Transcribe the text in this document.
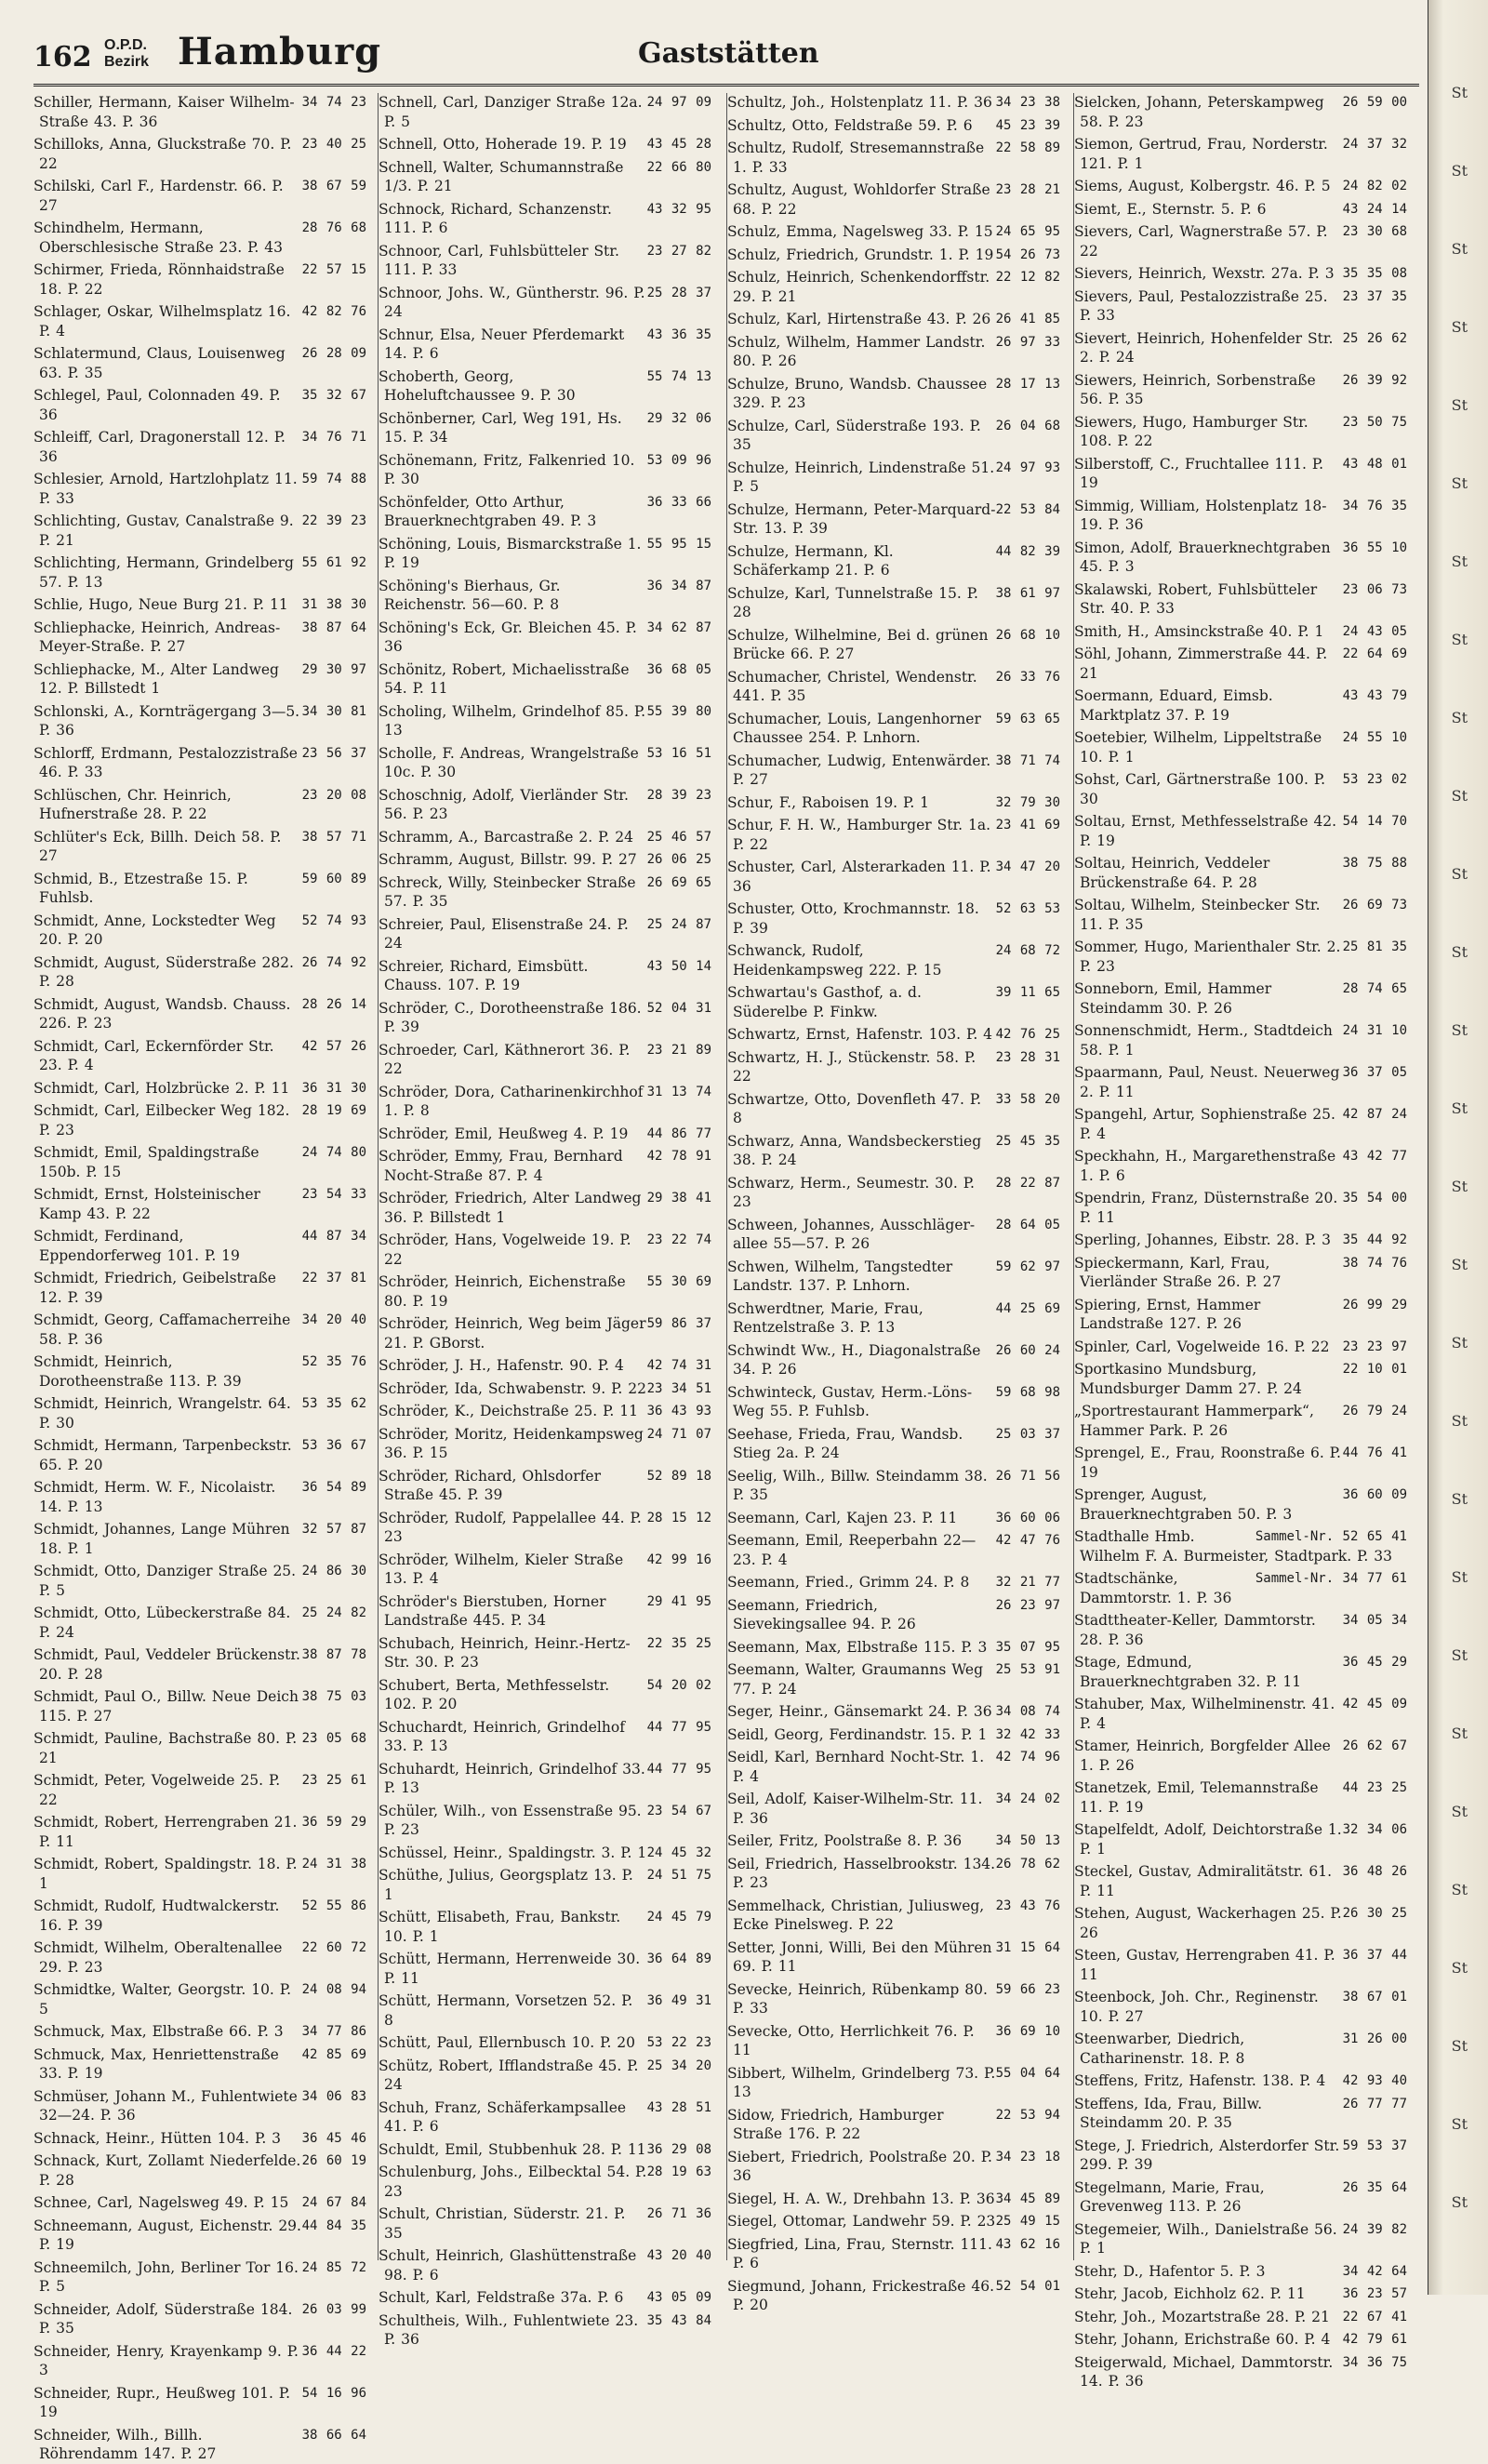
162 O.P.D.
Bezirk Hamburg	Gaststätten
34 74 23
Schiller, Hermann, Kaiser Wilhelm-Straße 43. P. 36
23 40 25
Schilloks, Anna, Gluckstraße 70. P. 22
38 67 59
Schilski, Carl F., Hardenstr. 66. P. 27
28 76 68
Schindhelm, Hermann, Oberschlesische Straße 23. P. 43
22 57 15
Schirmer, Frieda, Rönnhaidstraße 18. P. 22
42 82 76
Schlager, Oskar, Wilhelmsplatz 16. P. 4
26 28 09
Schlatermund, Claus, Louisenweg 63. P. 35
35 32 67
Schlegel, Paul, Colonnaden 49. P. 36
34 76 71
Schleiff, Carl, Dragonerstall 12. P. 36
59 74 88
Schlesier, Arnold, Hartzlohplatz 11. P. 33
22 39 23
Schlichting, Gustav, Canalstraße 9. P. 21
55 61 92
Schlichting, Hermann, Grindelberg 57. P. 13
31 38 30
Schlie, Hugo, Neue Burg 21. P. 11
38 87 64
Schliephacke, Heinrich, Andreas-Meyer-Straße. P. 27
29 30 97
Schliephacke, M., Alter Landweg 12. P. Billstedt 1
34 30 81
Schlonski, A., Kornträgergang 3—5. P. 36
23 56 37
Schlorff, Erdmann, Pestalozzistraße 46. P. 33
23 20 08
Schlüschen, Chr. Heinrich, Hufnerstraße 28. P. 22
38 57 71
Schlüter's Eck, Billh. Deich 58. P. 27
59 60 89
Schmid, B., Etzestraße 15. P. Fuhlsb.
52 74 93
Schmidt, Anne, Lockstedter Weg 20. P. 20
26 74 92
Schmidt, August, Süderstraße 282. P. 28
28 26 14
Schmidt, August, Wandsb. Chauss. 226. P. 23
42 57 26
Schmidt, Carl, Eckernförder Str. 23. P. 4
36 31 30
Schmidt, Carl, Holzbrücke 2. P. 11
28 19 69
Schmidt, Carl, Eilbecker Weg 182. P. 23
24 74 80
Schmidt, Emil, Spaldingstraße 150b. P. 15
23 54 33
Schmidt, Ernst, Holsteinischer Kamp 43. P. 22
44 87 34
Schmidt, Ferdinand, Eppendorferweg 101. P. 19
22 37 81
Schmidt, Friedrich, Geibelstraße 12. P. 39
34 20 40
Schmidt, Georg, Caffamacherreihe 58. P. 36
52 35 76
Schmidt, Heinrich, Dorotheenstraße 113. P. 39
53 35 62
Schmidt, Heinrich, Wrangelstr. 64. P. 30
53 36 67
Schmidt, Hermann, Tarpenbeckstr. 65. P. 20
36 54 89
Schmidt, Herm. W. F., Nicolaistr. 14. P. 13
32 57 87
Schmidt, Johannes, Lange Mühren 18. P. 1
24 86 30
Schmidt, Otto, Danziger Straße 25. P. 5
25 24 82
Schmidt, Otto, Lübeckerstraße 84. P. 24
38 87 78
Schmidt, Paul, Veddeler Brückenstr. 20. P. 28
38 75 03
Schmidt, Paul O., Billw. Neue Deich 115. P. 27
23 05 68
Schmidt, Pauline, Bachstraße 80. P. 21
23 25 61
Schmidt, Peter, Vogelweide 25. P. 22
36 59 29
Schmidt, Robert, Herrengraben 21. P. 11
24 31 38
Schmidt, Robert, Spaldingstr. 18. P. 1
52 55 86
Schmidt, Rudolf, Hudtwalckerstr. 16. P. 39
22 60 72
Schmidt, Wilhelm, Oberaltenallee 29. P. 23
24 08 94
Schmidtke, Walter, Georgstr. 10. P. 5
34 77 86
Schmuck, Max, Elbstraße 66. P. 3
42 85 69
Schmuck, Max, Henriettenstraße 33. P. 19
34 06 83
Schmüser, Johann M., Fuhlentwiete 32—24. P. 36
36 45 46
Schnack, Heinr., Hütten 104. P. 3
26 60 19
Schnack, Kurt, Zollamt Niederfelde. P. 28
24 67 84
Schnee, Carl, Nagelsweg 49. P. 15
44 84 35
Schneemann, August, Eichenstr. 29. P. 19
24 85 72
Schneemilch, John, Berliner Tor 16. P. 5
26 03 99
Schneider, Adolf, Süderstraße 184. P. 35
36 44 22
Schneider, Henry, Krayenkamp 9. P. 3
54 16 96
Schneider, Rupr., Heußweg 101. P. 19
38 66 64
Schneider, Wilh., Billh. Röhrendamm 147. P. 27
24 97 09
Schnell, Carl, Danziger Straße 12a. P. 5
43 45 28
Schnell, Otto, Hoherade 19. P. 19
22 66 80
Schnell, Walter, Schumannstraße 1/3. P. 21
43 32 95
Schnock, Richard, Schanzenstr. 111. P. 6
23 27 82
Schnoor, Carl, Fuhlsbütteler Str. 111. P. 33
25 28 37
Schnoor, Johs. W., Güntherstr. 96. P. 24
43 36 35
Schnur, Elsa, Neuer Pferdemarkt 14. P. 6
55 74 13
Schoberth, Georg, Hoheluftchaussee 9. P. 30
29 32 06
Schönberner, Carl, Weg 191, Hs. 15. P. 34
53 09 96
Schönemann, Fritz, Falkenried 10. P. 30
36 33 66
Schönfelder, Otto Arthur, Brauerknechtgraben 49. P. 3
55 95 15
Schöning, Louis, Bismarckstraße 1. P. 19
36 34 87
Schöning's Bierhaus, Gr. Reichenstr. 56—60. P. 8
34 62 87
Schöning's Eck, Gr. Bleichen 45. P. 36
36 68 05
Schönitz, Robert, Michaelisstraße 54. P. 11
55 39 80
Scholing, Wilhelm, Grindelhof 85. P. 13
53 16 51
Scholle, F. Andreas, Wrangelstraße 10c. P. 30
28 39 23
Schoschnig, Adolf, Vierländer Str. 56. P. 23
25 46 57
Schramm, A., Barcastraße 2. P. 24
26 06 25
Schramm, August, Billstr. 99. P. 27
26 69 65
Schreck, Willy, Steinbecker Straße 57. P. 35
25 24 87
Schreier, Paul, Elisenstraße 24. P. 24
43 50 14
Schreier, Richard, Eimsbütt. Chauss. 107. P. 19
52 04 31
Schröder, C., Dorotheenstraße 186. P. 39
23 21 89
Schroeder, Carl, Käthnerort 36. P. 22
31 13 74
Schröder, Dora, Catharinenkirchhof 1. P. 8
44 86 77
Schröder, Emil, Heußweg 4. P. 19
42 78 91
Schröder, Emmy, Frau, Bernhard Nocht-Straße 87. P. 4
29 38 41
Schröder, Friedrich, Alter Landweg 36. P. Billstedt 1
23 22 74
Schröder, Hans, Vogelweide 19. P. 22
55 30 69
Schröder, Heinrich, Eichenstraße 80. P. 19
59 86 37
Schröder, Heinrich, Weg beim Jäger 21. P. GBorst.
42 74 31
Schröder, J. H., Hafenstr. 90. P. 4
23 34 51
Schröder, Ida, Schwabenstr. 9. P. 22
36 43 93
Schröder, K., Deichstraße 25. P. 11
24 71 07
Schröder, Moritz, Heidenkampsweg 36. P. 15
52 89 18
Schröder, Richard, Ohlsdorfer Straße 45. P. 39
28 15 12
Schröder, Rudolf, Pappelallee 44. P. 23
42 99 16
Schröder, Wilhelm, Kieler Straße 13. P. 4
29 41 95
Schröder's Bierstuben, Horner Landstraße 445. P. 34
22 35 25
Schubach, Heinrich, Heinr.-Hertz-Str. 30. P. 23
54 20 02
Schubert, Berta, Methfesselstr. 102. P. 20
44 77 95
Schuchardt, Heinrich, Grindelhof 33. P. 13
44 77 95
Schuhardt, Heinrich, Grindelhof 33. P. 13
23 54 67
Schüler, Wilh., von Essenstraße 95. P. 23
24 45 32
Schüssel, Heinr., Spaldingstr. 3. P. 1
24 51 75
Schüthe, Julius, Georgsplatz 13. P. 1
24 45 79
Schütt, Elisabeth, Frau, Bankstr. 10. P. 1
36 64 89
Schütt, Hermann, Herrenweide 30. P. 11
36 49 31
Schütt, Hermann, Vorsetzen 52. P. 8
53 22 23
Schütt, Paul, Ellernbusch 10. P. 20
25 34 20
Schütz, Robert, Ifflandstraße 45. P. 24
43 28 51
Schuh, Franz, Schäferkampsallee 41. P. 6
36 29 08
Schuldt, Emil, Stubbenhuk 28. P. 11
28 19 63
Schulenburg, Johs., Eilbecktal 54. P. 23
26 71 36
Schult, Christian, Süderstr. 21. P. 35
43 20 40
Schult, Heinrich, Glashüttenstraße 98. P. 6
43 05 09
Schult, Karl, Feldstraße 37a. P. 6
35 43 84
Schultheis, Wilh., Fuhlentwiete 23. P. 36
34 23 38
Schultz, Joh., Holstenplatz 11. P. 36
45 23 39
Schultz, Otto, Feldstraße 59. P. 6
22 58 89
Schultz, Rudolf, Stresemannstraße 1. P. 33
23 28 21
Schultz, August, Wohldorfer Straße 68. P. 22
24 65 95
Schulz, Emma, Nagelsweg 33. P. 15
54 26 73
Schulz, Friedrich, Grundstr. 1. P. 19
22 12 82
Schulz, Heinrich, Schenkendorffstr. 29. P. 21
26 41 85
Schulz, Karl, Hirtenstraße 43. P. 26
26 97 33
Schulz, Wilhelm, Hammer Landstr. 80. P. 26
28 17 13
Schulze, Bruno, Wandsb. Chaussee 329. P. 23
26 04 68
Schulze, Carl, Süderstraße 193. P. 35
24 97 93
Schulze, Heinrich, Lindenstraße 51. P. 5
22 53 84
Schulze, Hermann, Peter-Marquard-Str. 13. P. 39
44 82 39
Schulze, Hermann, Kl. Schäferkamp 21. P. 6
38 61 97
Schulze, Karl, Tunnelstraße 15. P. 28
26 68 10
Schulze, Wilhelmine, Bei d. grünen Brücke 66. P. 27
26 33 76
Schumacher, Christel, Wendenstr. 441. P. 35
59 63 65
Schumacher, Louis, Langenhorner Chaussee 254. P. Lnhorn.
38 71 74
Schumacher, Ludwig, Entenwärder. P. 27
32 79 30
Schur, F., Raboisen 19. P. 1
23 41 69
Schur, F. H. W., Hamburger Str. 1a. P. 22
34 47 20
Schuster, Carl, Alsterarkaden 11. P. 36
52 63 53
Schuster, Otto, Krochmannstr. 18. P. 39
24 68 72
Schwanck, Rudolf, Heidenkampsweg 222. P. 15
39 11 65
Schwartau's Gasthof, a. d. Süderelbe P. Finkw.
42 76 25
Schwartz, Ernst, Hafenstr. 103. P. 4
23 28 31
Schwartz, H. J., Stückenstr. 58. P. 22
33 58 20
Schwartze, Otto, Dovenfleth 47. P. 8
25 45 35
Schwarz, Anna, Wandsbeckerstieg 38. P. 24
28 22 87
Schwarz, Herm., Seumestr. 30. P. 23
28 64 05
Schween, Johannes, Ausschläger-allee 55—57. P. 26
59 62 97
Schwen, Wilhelm, Tangstedter Landstr. 137. P. Lnhorn.
44 25 69
Schwerdtner, Marie, Frau, Rentzelstraße 3. P. 13
26 60 24
Schwindt Ww., H., Diagonalstraße 34. P. 26
59 68 98
Schwinteck, Gustav, Herm.-Löns-Weg 55. P. Fuhlsb.
25 03 37
Seehase, Frieda, Frau, Wandsb. Stieg 2a. P. 24
26 71 56
Seelig, Wilh., Billw. Steindamm 38. P. 35
36 60 06
Seemann, Carl, Kajen 23. P. 11
42 47 76
Seemann, Emil, Reeperbahn 22—23. P. 4
32 21 77
Seemann, Fried., Grimm 24. P. 8
26 23 97
Seemann, Friedrich, Sievekingsallee 94. P. 26
35 07 95
Seemann, Max, Elbstraße 115. P. 3
25 53 91
Seemann, Walter, Graumanns Weg 77. P. 24
34 08 74
Seger, Heinr., Gänsemarkt 24. P. 36
32 42 33
Seidl, Georg, Ferdinandstr. 15. P. 1
42 74 96
Seidl, Karl, Bernhard Nocht-Str. 1. P. 4
34 24 02
Seil, Adolf, Kaiser-Wilhelm-Str. 11. P. 36
34 50 13
Seiler, Fritz, Poolstraße 8. P. 36
26 78 62
Seil, Friedrich, Hasselbrookstr. 134. P. 23
23 43 76
Semmelhack, Christian, Juliusweg, Ecke Pinelsweg. P. 22
31 15 64
Setter, Jonni, Willi, Bei den Mühren 69. P. 11
59 66 23
Sevecke, Heinrich, Rübenkamp 80. P. 33
36 69 10
Sevecke, Otto, Herrlichkeit 76. P. 11
55 04 64
Sibbert, Wilhelm, Grindelberg 73. P. 13
22 53 94
Sidow, Friedrich, Hamburger Straße 176. P. 22
34 23 18
Siebert, Friedrich, Poolstraße 20. P. 36
34 45 89
Siegel, H. A. W., Drehbahn 13. P. 36
25 49 15
Siegel, Ottomar, Landwehr 59. P. 23
43 62 16
Siegfried, Lina, Frau, Sternstr. 111. P. 6
52 54 01
Siegmund, Johann, Frickestraße 46. P. 20
26 59 00
Sielcken, Johann, Peterskampweg 58. P. 23
24 37 32
Siemon, Gertrud, Frau, Norderstr. 121. P. 1
24 82 02
Siems, August, Kolbergstr. 46. P. 5
43 24 14
Siemt, E., Sternstr. 5. P. 6
23 30 68
Sievers, Carl, Wagnerstraße 57. P. 22
35 35 08
Sievers, Heinrich, Wexstr. 27a. P. 3
23 37 35
Sievers, Paul, Pestalozzistraße 25. P. 33
25 26 62
Sievert, Heinrich, Hohenfelder Str. 2. P. 24
26 39 92
Siewers, Heinrich, Sorbenstraße 56. P. 35
23 50 75
Siewers, Hugo, Hamburger Str. 108. P. 22
43 48 01
Silberstoff, C., Fruchtallee 111. P. 19
34 76 35
Simmig, William, Holstenplatz 18-19. P. 36
36 55 10
Simon, Adolf, Brauerknechtgraben 45. P. 3
23 06 73
Skalawski, Robert, Fuhlsbütteler Str. 40. P. 33
24 43 05
Smith, H., Amsinckstraße 40. P. 1
22 64 69
Söhl, Johann, Zimmerstraße 44. P. 21
43 43 79
Soermann, Eduard, Eimsb. Marktplatz 37. P. 19
24 55 10
Soetebier, Wilhelm, Lippeltstraße 10. P. 1
53 23 02
Sohst, Carl, Gärtnerstraße 100. P. 30
54 14 70
Soltau, Ernst, Methfesselstraße 42. P. 19
38 75 88
Soltau, Heinrich, Veddeler Brückenstraße 64. P. 28
26 69 73
Soltau, Wilhelm, Steinbecker Str. 11. P. 35
25 81 35
Sommer, Hugo, Marienthaler Str. 2. P. 23
28 74 65
Sonneborn, Emil, Hammer Steindamm 30. P. 26
24 31 10
Sonnenschmidt, Herm., Stadtdeich 58. P. 1
36 37 05
Spaarmann, Paul, Neust. Neuerweg 2. P. 11
42 87 24
Spangehl, Artur, Sophienstraße 25. P. 4
43 42 77
Speckhahn, H., Margarethenstraße 1. P. 6
35 54 00
Spendrin, Franz, Düsternstraße 20. P. 11
35 44 92
Sperling, Johannes, Eibstr. 28. P. 3
38 74 76
Spieckermann, Karl, Frau, Vierländer Straße 26. P. 27
26 99 29
Spiering, Ernst, Hammer Landstraße 127. P. 26
23 23 97
Spinler, Carl, Vogelweide 16. P. 22
22 10 01
Sportkasino Mundsburg, Mundsburger Damm 27. P. 24
26 79 24
„Sportrestaurant Hammerpark“, Hammer Park. P. 26
44 76 41
Sprengel, E., Frau, Roonstraße 6. P. 19
36 60 09
Sprenger, August, Brauerknechtgraben 50. P. 3
Sammel-Nr. 52 65 41
Stadthalle Hmb. Wilhelm F. A. Burmeister, Stadtpark. P. 33
Sammel-Nr. 34 77 61
Stadtschänke, Dammtorstr. 1. P. 36
34 05 34
Stadttheater-Keller, Dammtorstr. 28. P. 36
36 45 29
Stage, Edmund, Brauerknechtgraben 32. P. 11
42 45 09
Stahuber, Max, Wilhelminenstr. 41. P. 4
26 62 67
Stamer, Heinrich, Borgfelder Allee 1. P. 26
44 23 25
Stanetzek, Emil, Telemannstraße 11. P. 19
32 34 06
Stapelfeldt, Adolf, Deichtorstraße 1. P. 1
36 48 26
Steckel, Gustav, Admiralitätstr. 61. P. 11
26 30 25
Stehen, August, Wackerhagen 25. P. 26
36 37 44
Steen, Gustav, Herrengraben 41. P. 11
38 67 01
Steenbock, Joh. Chr., Reginenstr. 10. P. 27
31 26 00
Steenwarber, Diedrich, Catharinenstr. 18. P. 8
42 93 40
Steffens, Fritz, Hafenstr. 138. P. 4
26 77 77
Steffens, Ida, Frau, Billw. Steindamm 20. P. 35
59 53 37
Stege, J. Friedrich, Alsterdorfer Str. 299. P. 39
26 35 64
Stegelmann, Marie, Frau, Grevenweg 113. P. 26
24 39 82
Stegemeier, Wilh., Danielstraße 56. P. 1
34 42 64
Stehr, D., Hafentor 5. P. 3
36 23 57
Stehr, Jacob, Eichholz 62. P. 11
22 67 41
Stehr, Joh., Mozartstraße 28. P. 21
42 79 61
Stehr, Johann, Erichstraße 60. P. 4
34 36 75
Steigerwald, Michael, Dammtorstr. 14. P. 36
St
St
St
St
St
St
St
St
St
St
St
St
St
St
St
St
St
St
St
St
St
St
St
St
St
St
St
St
